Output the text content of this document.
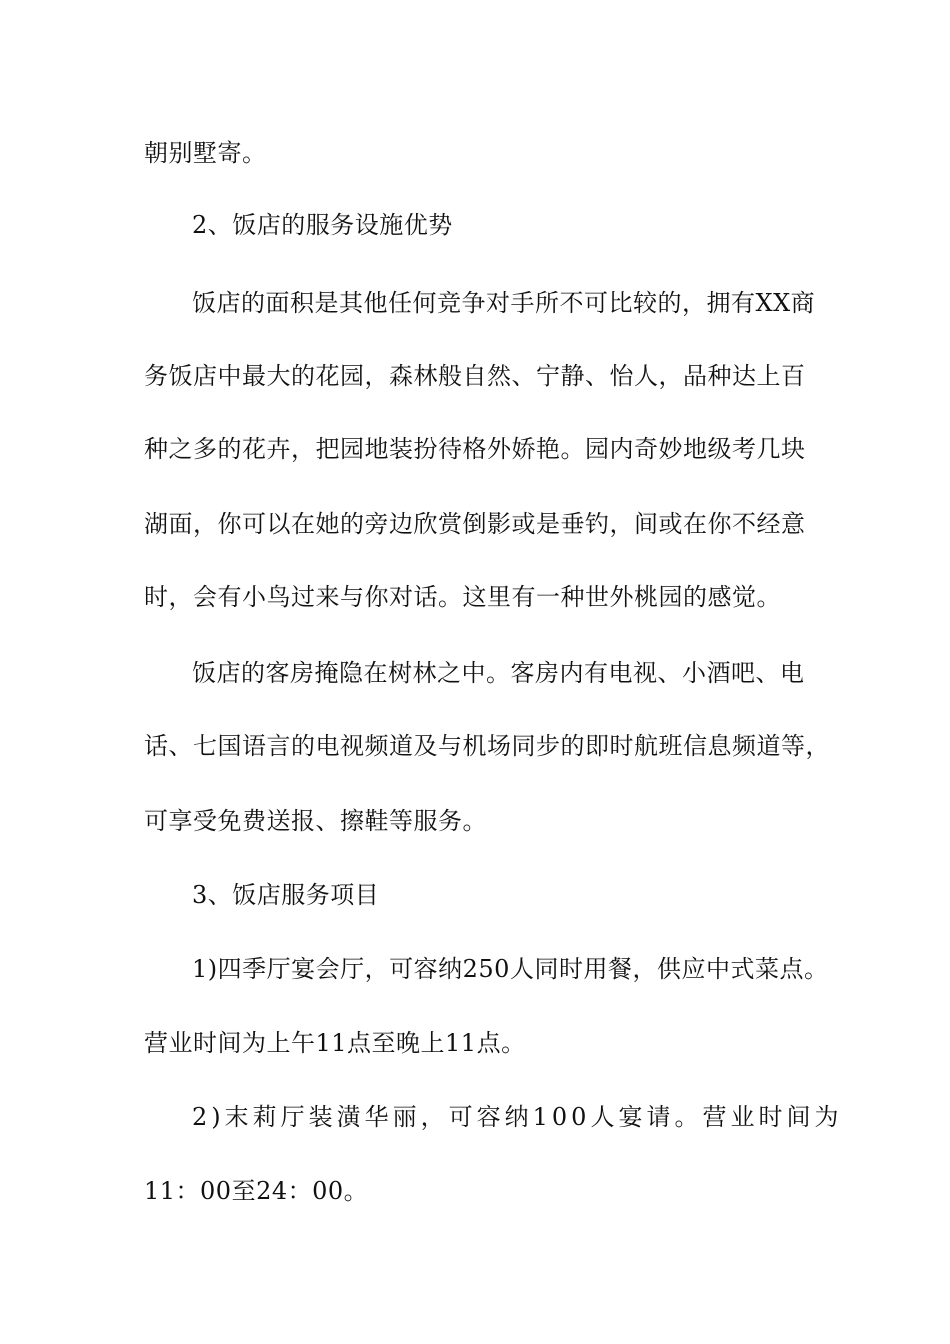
朝别墅寄。
2、饭店的服务设施优势
饭店的面积是其他任何竞争对手所不可比较的，拥有XX商
务饭店中最大的花园，森林般自然、宁静、怡人，品种达上百
种之多的花卉，把园地装扮待格外娇艳。园内奇妙地级考几块
湖面，你可以在她的旁边欣赏倒影或是垂钓，间或在你不经意
时，会有小鸟过来与你对话。这里有一种世外桃园的感觉。
饭店的客房掩隐在树林之中。客房内有电视、小酒吧、电
话、七国语言的电视频道及与机场同步的即时航班信息频道等，
可享受免费送报、擦鞋等服务。
3、饭店服务项目
1)四季厅宴会厅，可容纳250人同时用餐，供应中式菜点。
营业时间为上午11点至晚上11点。
2)末莉厅装潢华丽，可容纳100人宴请。营业时间为
11：00至24：00。
